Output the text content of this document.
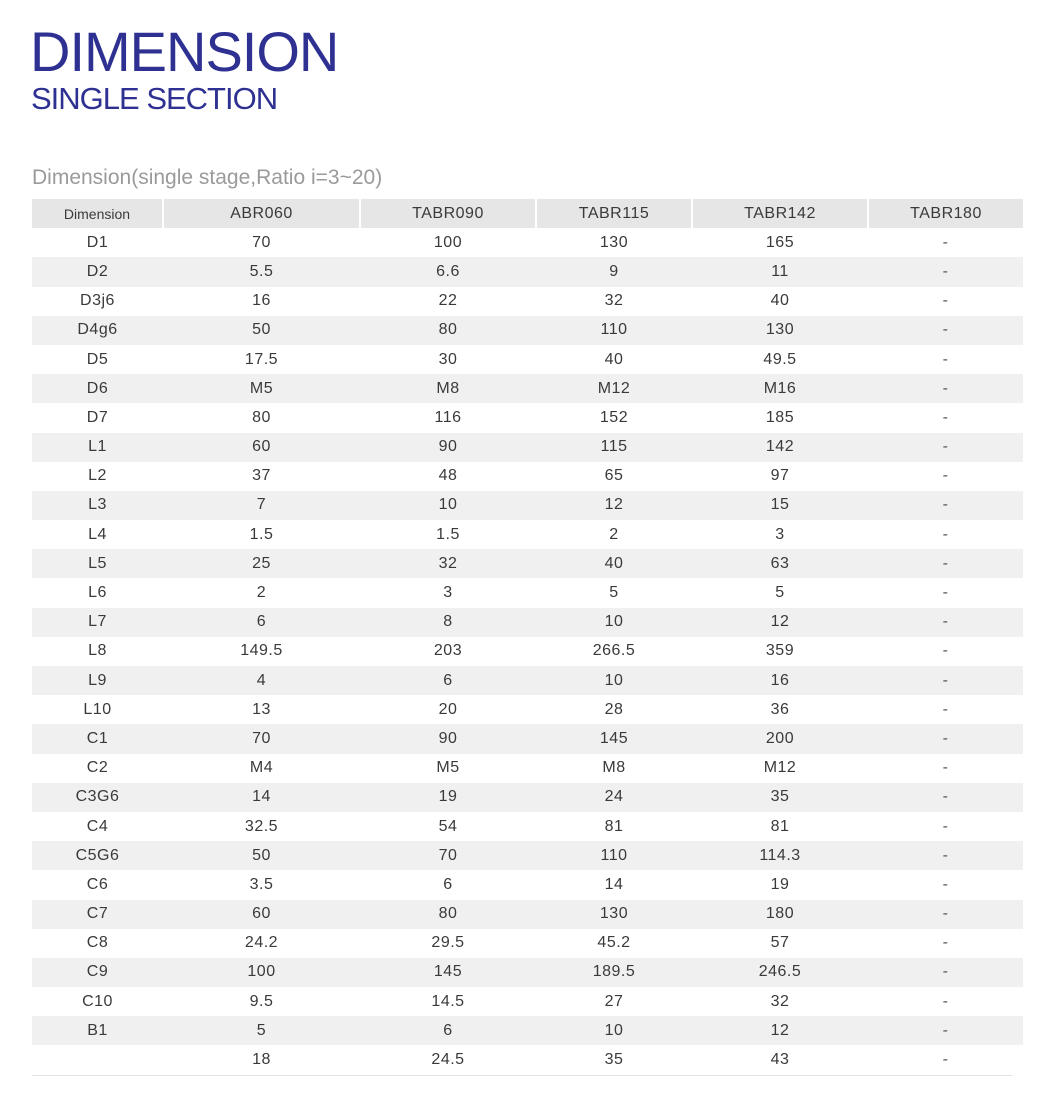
DIMENSION
SINGLE SECTION
Dimension(single stage,Ratio i=3~20)
Dimension	ABR060	TABR090	TABR115	TABR142	TABR180
D1	70	100	130	165	-
D2	5.5	6.6	9	11	-
D3j6	16	22	32	40	-
D4g6	50	80	110	130	-
D5	17.5	30	40	49.5	-
D6	M5	M8	M12	M16	-
D7	80	116	152	185	-
L1	60	90	115	142	-
L2	37	48	65	97	-
L3	7	10	12	15	-
L4	1.5	1.5	2	3	-
L5	25	32	40	63	-
L6	2	3	5	5	-
L7	6	8	10	12	-
L8	149.5	203	266.5	359	-
L9	4	6	10	16	-
L10	13	20	28	36	-
C1	70	90	145	200	-
C2	M4	M5	M8	M12	-
C3G6	14	19	24	35	-
C4	32.5	54	81	81	-
C5G6	50	70	110	114.3	-
C6	3.5	6	14	19	-
C7	60	80	130	180	-
C8	24.2	29.5	45.2	57	-
C9	100	145	189.5	246.5	-
C10	9.5	14.5	27	32	-
B1	5	6	10	12	-
	18	24.5	35	43	-
